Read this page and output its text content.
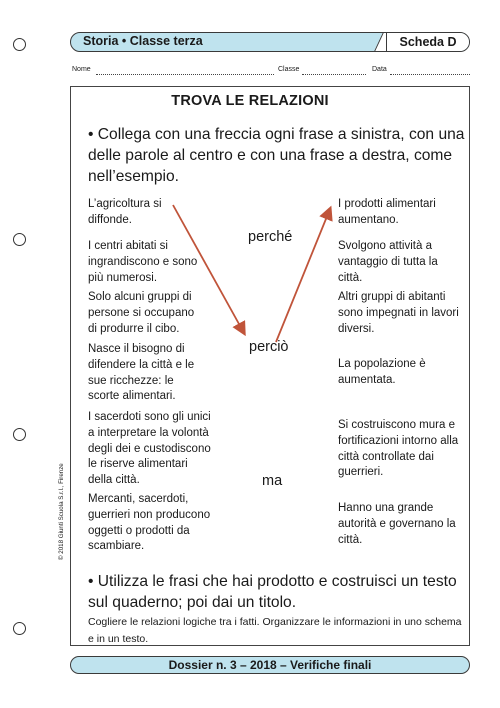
Storia • Classe terza	Scheda D
Nome	Classe	Data
TROVA LE RELAZIONI
• Collega con una freccia ogni frase a sinistra, con una delle parole al centro e con una frase a destra, come nell’esempio.
L’agricoltura si diffonde.
I centri abitati si ingrandiscono e sono più numerosi.
Solo alcuni gruppi di persone si occupano di produrre il cibo.
Nasce il bisogno di difendere la città e le sue ricchezze: le scorte alimentari.
I sacerdoti sono gli unici a interpretare la volontà degli dei e custodiscono le riserve alimentari della città.
Mercanti, sacerdoti, guerrieri non producono oggetti o prodotti da scambiare.
perché
perciò
ma
I prodotti alimentari aumentano.
Svolgono attività a vantaggio di tutta la città.
Altri gruppi di abitanti sono impegnati in lavori diversi.
La popolazione è aumentata.
Si costruiscono mura e fortificazioni intorno alla città controllate dai guerrieri.
Hanno una grande autorità e governano la città.
• Utilizza le frasi che hai prodotto e costruisci un testo sul quaderno; poi dai un titolo.
Cogliere le relazioni logiche tra i fatti. Organizzare le informazioni in uno schema e in un testo.
© 2018 Giunti Scuola S.r.l., Firenze
Dossier n. 3 – 2018 – Verifiche finali
